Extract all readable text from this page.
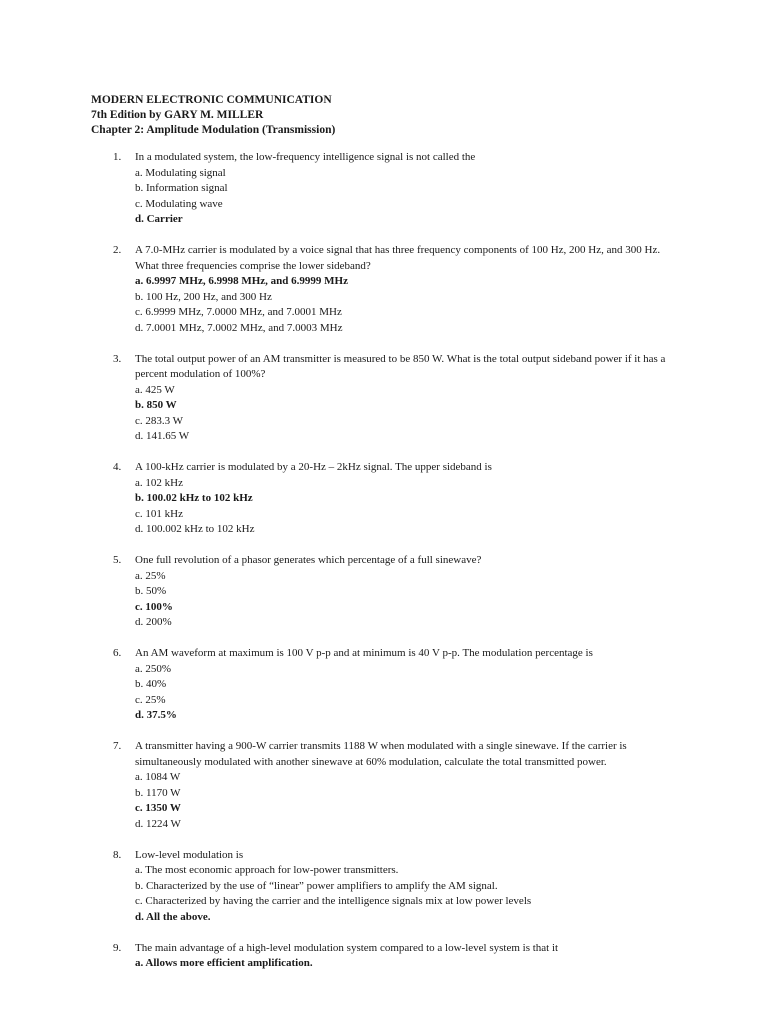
MODERN ELECTRONIC COMMUNICATION
7th Edition by GARY M. MILLER
Chapter 2: Amplitude Modulation (Transmission)
1. In a modulated system, the low-frequency intelligence signal is not called the
a. Modulating signal
b. Information signal
c. Modulating wave
d. Carrier
2. A 7.0-MHz carrier is modulated by a voice signal that has three frequency components of 100 Hz, 200 Hz, and 300 Hz. What three frequencies comprise the lower sideband?
a. 6.9997 MHz, 6.9998 MHz, and 6.9999 MHz
b. 100 Hz, 200 Hz, and 300 Hz
c. 6.9999 MHz, 7.0000 MHz, and 7.0001 MHz
d. 7.0001 MHz, 7.0002 MHz, and 7.0003 MHz
3. The total output power of an AM transmitter is measured to be 850 W. What is the total output sideband power if it has a percent modulation of 100%?
a. 425 W
b. 850 W
c. 283.3 W
d. 141.65 W
4. A 100-kHz carrier is modulated by a 20-Hz – 2kHz signal. The upper sideband is
a. 102 kHz
b. 100.02 kHz to 102 kHz
c. 101 kHz
d. 100.002 kHz to 102 kHz
5. One full revolution of a phasor generates which percentage of a full sinewave?
a. 25%
b. 50%
c. 100%
d. 200%
6. An AM waveform at maximum is 100 V p-p and at minimum is 40 V p-p. The modulation percentage is
a. 250%
b. 40%
c. 25%
d. 37.5%
7. A transmitter having a 900-W carrier transmits 1188 W when modulated with a single sinewave. If the carrier is simultaneously modulated with another sinewave at 60% modulation, calculate the total transmitted power.
a. 1084 W
b. 1170 W
c. 1350 W
d. 1224 W
8. Low-level modulation is
a. The most economic approach for low-power transmitters.
b. Characterized by the use of “linear” power amplifiers to amplify the AM signal.
c. Characterized by having the carrier and the intelligence signals mix at low power levels
d. All the above.
9. The main advantage of a high-level modulation system compared to a low-level system is that it
a. Allows more efficient amplification.
